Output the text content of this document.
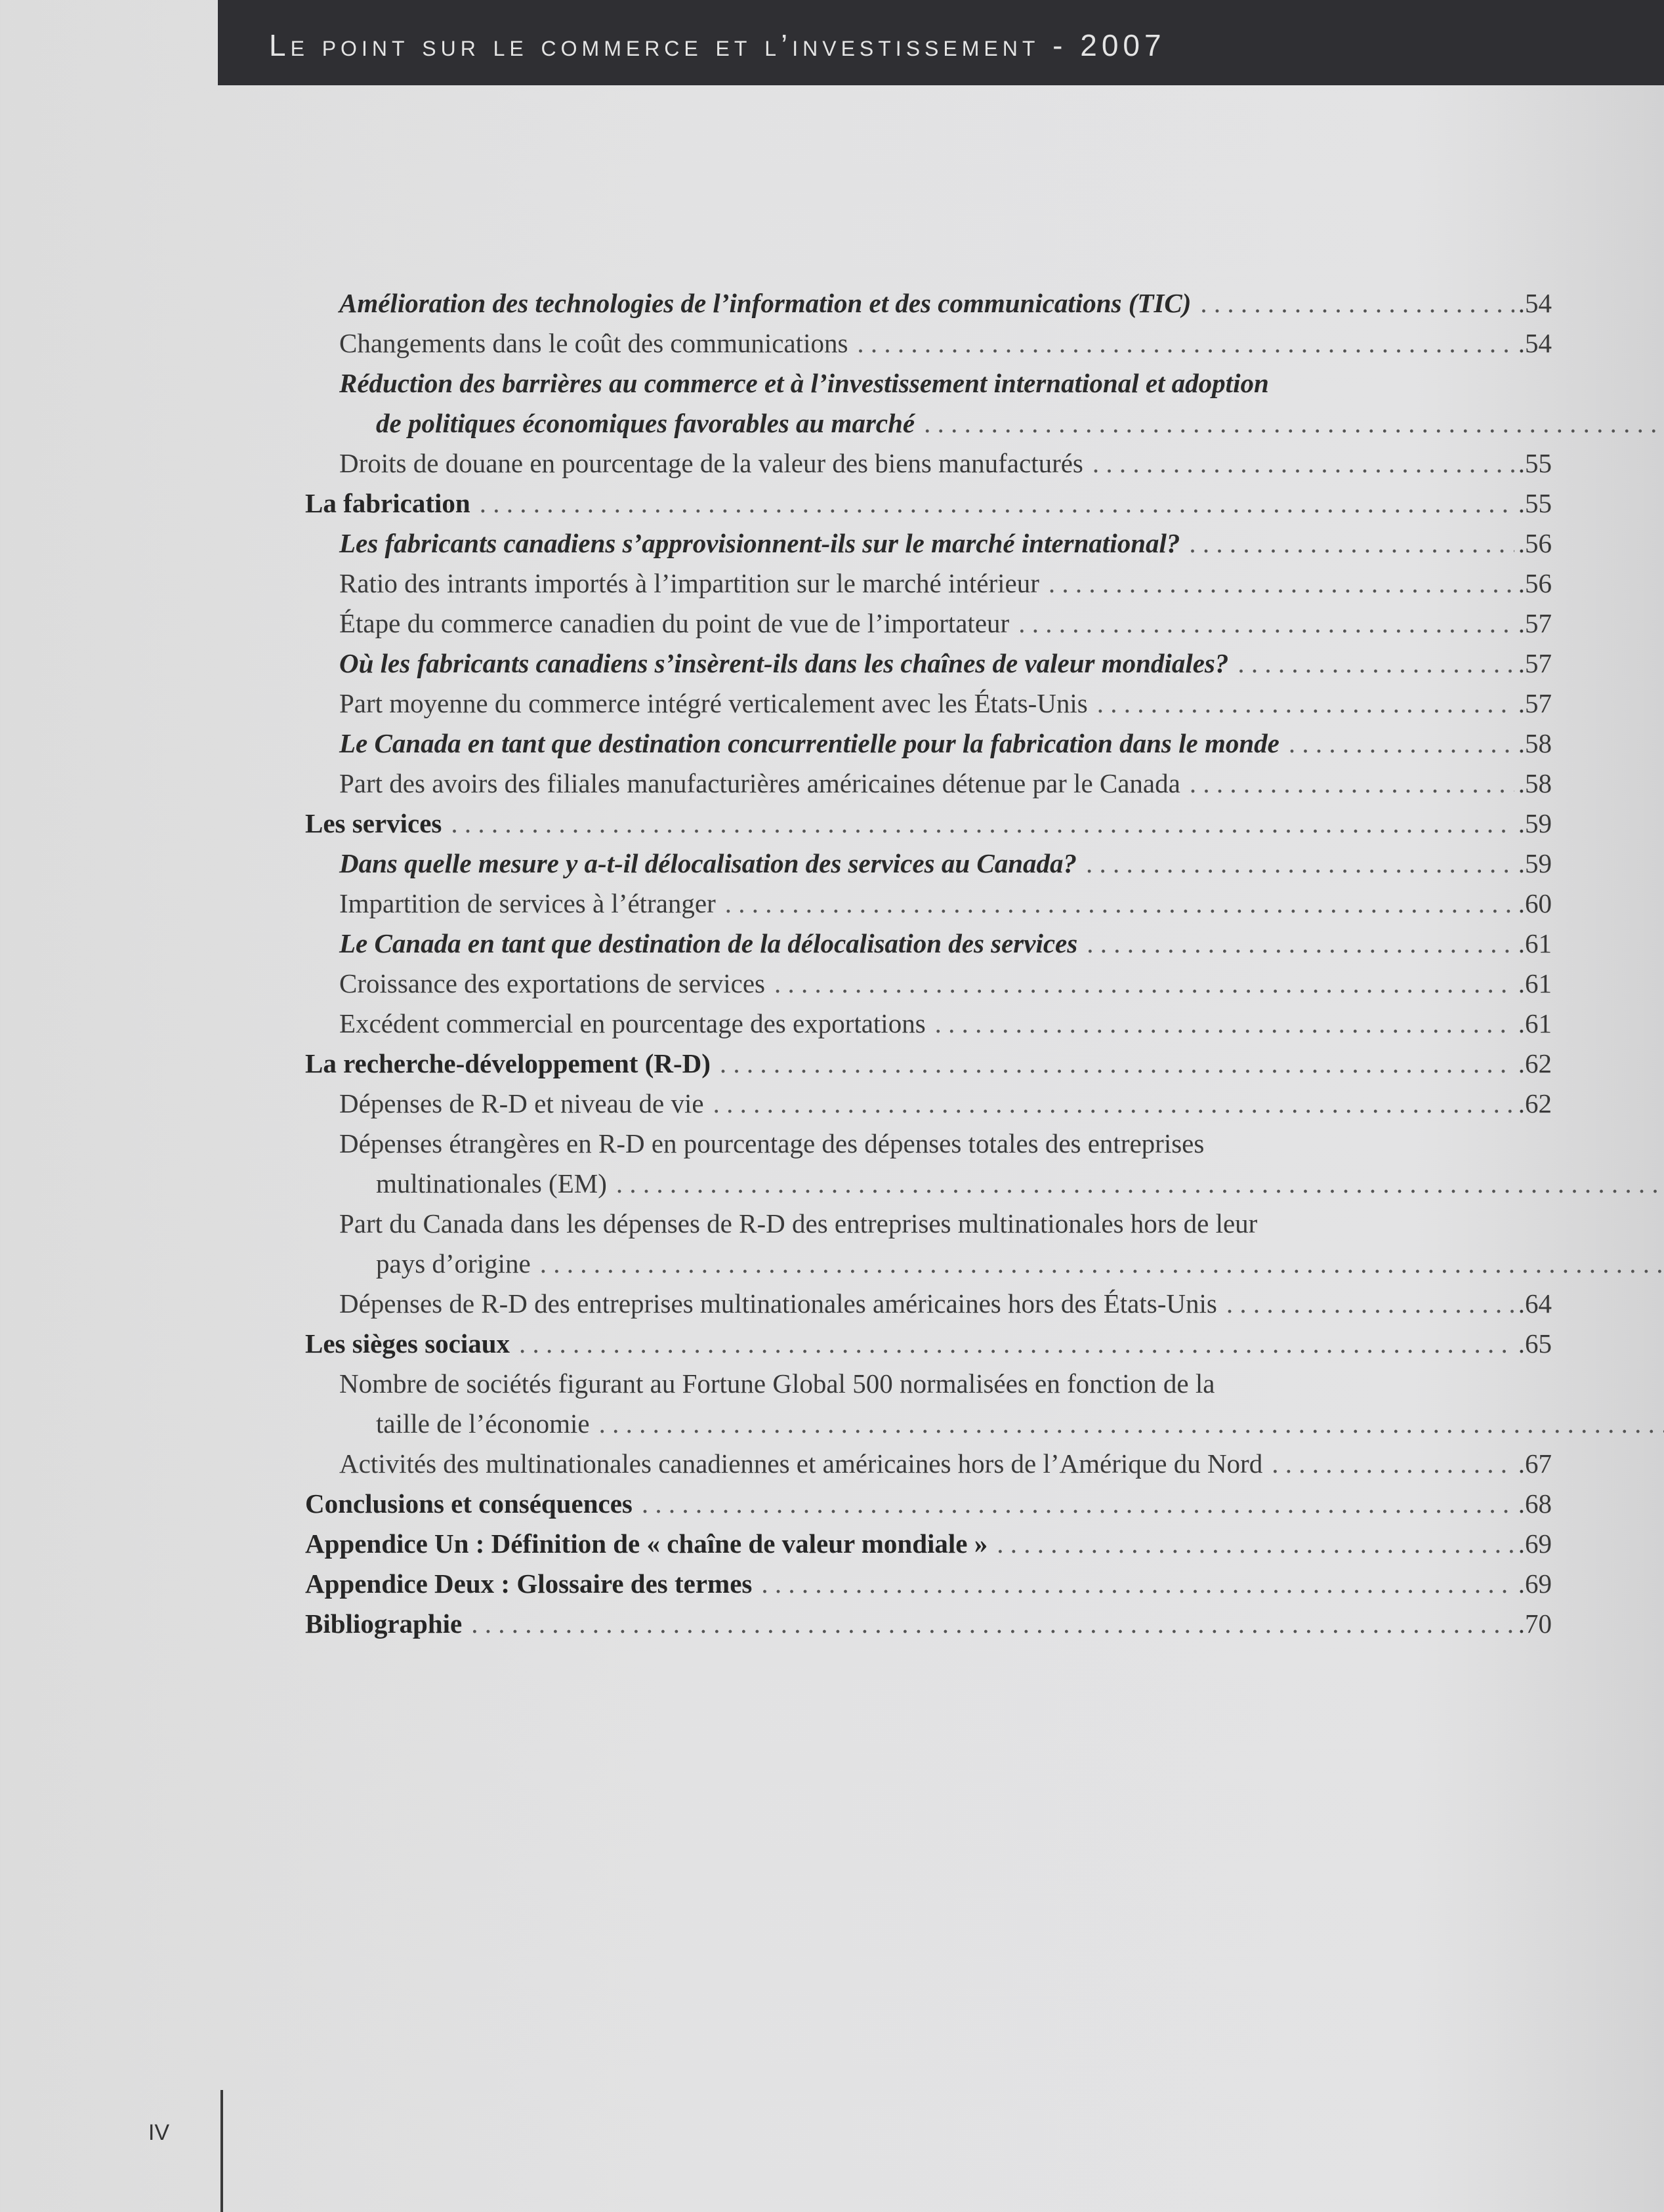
Le point sur le commerce et l’investissement - 2007
Amélioration des technologies de l’information et des communications (TIC) . . .	.54
Changements dans le coût des communications . . .	.54
Réduction des barrières au commerce et à l’investissement international et adoption
de politiques économiques favorables au marché. . .
Droits de douane en pourcentage de la valeur des biens manufacturés . . .	.55
La fabrication . . .	.55
Les fabricants canadiens s’approvisionnent-ils sur le marché international? . . .	.56
Ratio des intrants importés à l’impartition sur le marché intérieur . . .	.56
Étape du commerce canadien du point de vue de l’importateur . . .	.57
Où les fabricants canadiens s’insèrent-ils dans les chaînes de valeur mondiales? . . .	.57
Part moyenne du commerce intégré verticalement avec les États-Unis . . .	.57
Le Canada en tant que destination concurrentielle pour la fabrication dans le monde . . .	.58
Part des avoirs des filiales manufacturières américaines détenue par le Canada . . .	.58
Les services . . .	.59
Dans quelle mesure y a-t-il délocalisation des services au Canada? . . .	.59
Impartition de services à l’étranger . . .	.60
Le Canada en tant que destination de la délocalisation des services . . .	.61
Croissance des exportations de services . . .	.61
Excédent commercial en pourcentage des exportations . . .	.61
La recherche-développement (R-D) . . .	.62
Dépenses de R-D et niveau de vie . . .	.62
Dépenses étrangères en R-D en pourcentage des dépenses totales des entreprises
multinationales (EM). . .
Part du Canada dans les dépenses de R-D des entreprises multinationales hors de leur
pays d’origine. . .
Dépenses de R-D des entreprises multinationales américaines hors des États-Unis . . .	.64
Les sièges sociaux . . .	.65
Nombre de sociétés figurant au Fortune Global 500 normalisées en fonction de la
taille de l’économie. . .
Activités des multinationales canadiennes et américaines hors de l’Amérique du Nord . . .	.67
Conclusions et conséquences . . .	.68
Appendice Un : Définition de « chaîne de valeur mondiale » . . .	.69
Appendice Deux : Glossaire des termes . . .	.69
Bibliographie . . .	.70
IV
